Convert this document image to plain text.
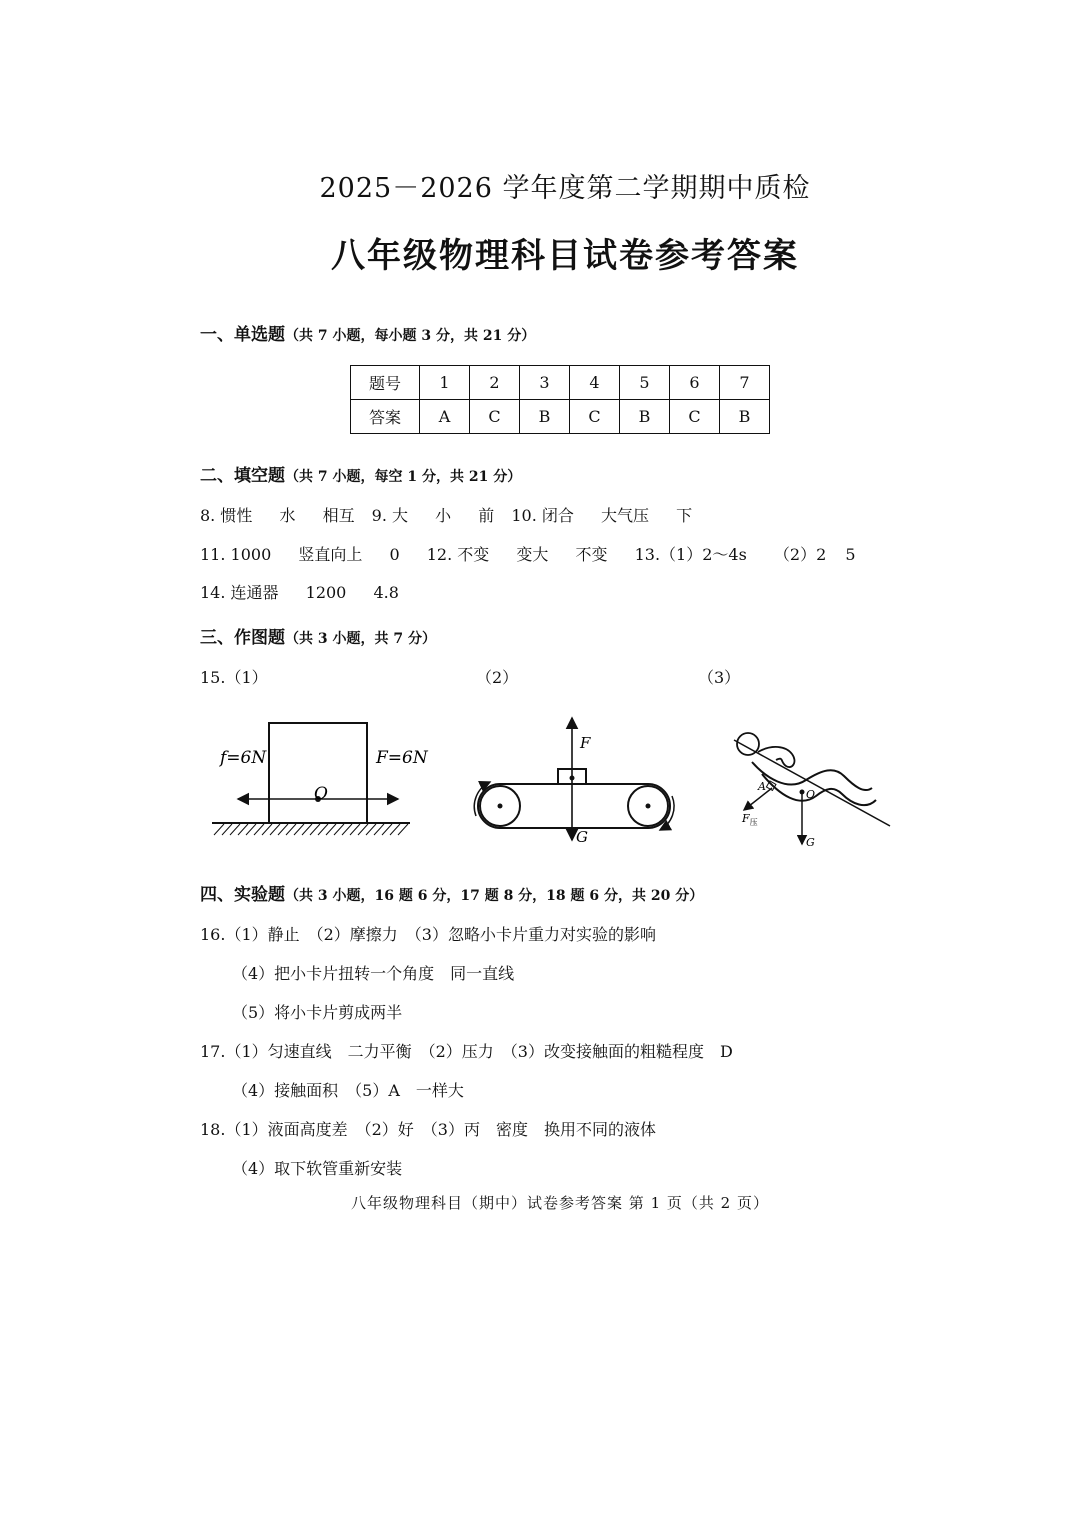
2025－2026 学年度第二学期期中质检
八年级物理科目试卷参考答案
一、单选题（共 7 小题，每小题 3 分，共 21 分）
题号	1	2	3	4	5	6	7
答案	A	C	B	C	B	C	B
二、填空题（共 7 小题，每空 1 分，共 21 分）
8. 惯性 水 相互 9. 大 小 前 10. 闭合 大气压 下
11. 1000 竖直向上 0 12. 不变 变大 不变 13.（1）2～4s （2）2 5
14. 连通器 1200 4.8
三、作图题（共 3 小题，共 7 分）
15.（1）	（2）	（3）
f=6N	F=6N
O
F
G
A
O
$F_压$
G
四、实验题（共 3 小题，16 题 6 分，17 题 8 分，18 题 6 分，共 20 分）
16.（1）静止　（2）摩擦力　（3）忽略小卡片重力对实验的影响
（4）把小卡片扭转一个角度　同一直线
（5）将小卡片剪成两半
17.（1）匀速直线　二力平衡　（2）压力　（3）改变接触面的粗糙程度　D
（4）接触面积　（5）A　一样大
18.（1）液面高度差　（2）好　（3）丙　密度　换用不同的液体
（4）取下软管重新安装
八年级物理科目（期中）试卷参考答案 第 1 页（共 2 页）
